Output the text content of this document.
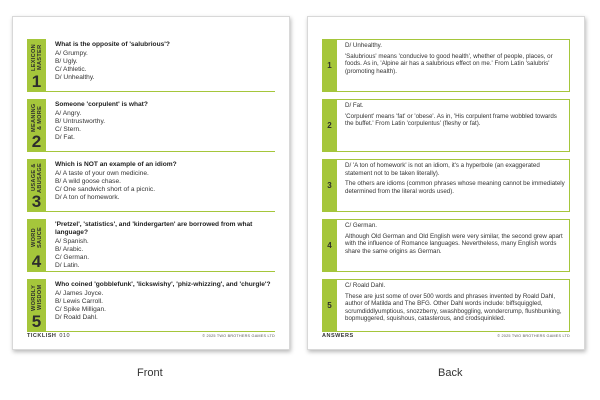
LEXICON
MASTER
1
What is the opposite of 'salubrious'?
A/ Grumpy.
B/ Ugly.
C/ Athletic.
D/ Unhealthy.
MEANING
& MORE
2
Someone 'corpulent' is what?
A/ Angry.
B/ Untrustworthy.
C/ Stern.
D/ Fat.
USAGE &
ABUSAGE
3
Which is NOT an example of an idiom?
A/ A taste of your own medicine.
B/ A wild goose chase.
C/ One sandwich short of a picnic.
D/ A ton of homework.
WORD
SAUCE
4
'Pretzel', 'statistics', and 'kindergarten' are borrowed from what language?
A/ Spanish.
B/ Arabic.
C/ German.
D/ Latin.
WORDLY
WISDOM
5
Who coined 'gobblefunk', 'lickswishy', 'phiz-whizzing', and 'churgle'?
A/ James Joyce.
B/ Lewis Carroll.
C/ Spike Milligan.
D/ Roald Dahl.
TICKLISH 010	© 2025 TWO BROTHERS GAMES LTD
1
D/ Unhealthy.
'Salubrious' means 'conducive to good health', whether of people, places, or foods. As in, 'Alpine air has a salubrious effect on me.' From Latin 'salubris' (promoting health).
2
D/ Fat.
'Corpulent' means 'fat' or 'obese'. As in, 'His corpulent frame wobbled towards the buffet.' From Latin 'corpulentus' (fleshy or fat).
3
D/ 'A ton of homework' is not an idiom, it's a hyperbole (an exaggerated statement not to be taken literally).
The others are idioms (common phrases whose meaning cannot be immediately determined from the literal words used).
4
C/ German.
Although Old German and Old English were very similar, the second grew apart with the influence of Romance languages. Nevertheless, many English words share the same origins as German.
5
C/ Roald Dahl.
These are just some of over 500 words and phrases invented by Roald Dahl, author of Matilda and The BFG. Other Dahl words include: biffsquiggled, scrumdiddlyumptious, snozzberry, swashboggling, wondercrump, flushbunking, bopmuggered, squishous, catasterous, and crodsquinkled.
ANSWERS	© 2025 TWO BROTHERS GAMES LTD
Front	Back
